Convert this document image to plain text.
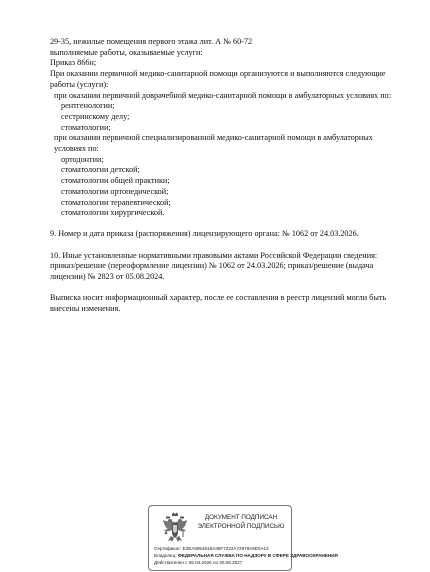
29-35, нежилые помещения первого этажа лит. А № 60-72
выполняемые работы, оказываемые услуги:
Приказ 866н;
При оказании первичной медико-санитарной помощи организуются и выполняются следующие работы (услуги):
при оказании первичной доврачебной медико-санитарной помощи в амбулаторных условиях по:
рентгенологии;
сестринскому делу;
стоматологии;
при оказании первичной специализированной медико-санитарной помощи в амбулаторных условиях по:
ортодонтии;
стоматологии детской;
стоматологии общей практики;
стоматологии ортопедической;
стоматологии терапевтической;
стоматологии хирургической.
9. Номер и дата приказа (распоряжения) лицензирующего органа: № 1062 от 24.03.2026.
10. Иные установленные нормативными правовыми актами Российской Федерации сведения: приказ/решение (переоформление лицензии) № 1062 от 24.03.2026; приказ/решение (выдача лицензии) № 2823 от 05.08.2024.
Выписка носит информационный характер, после ее составления в реестр лицензий могли быть внесены изменения.
ДОКУМЕНТ ПОДПИСАН
ЭЛЕКТРОННОЙ ПОДПИСЬЮ
Сертификат: E2EA5954818A35F7222A72978A5E0A12
Владелец: ФЕДЕРАЛЬНАЯ СЛУЖБА ПО НАДЗОРУ В СФЕРЕ ЗДРАВООХРАНЕНИЯ
Действителен с 06.04.2026 по 30.06.2027
